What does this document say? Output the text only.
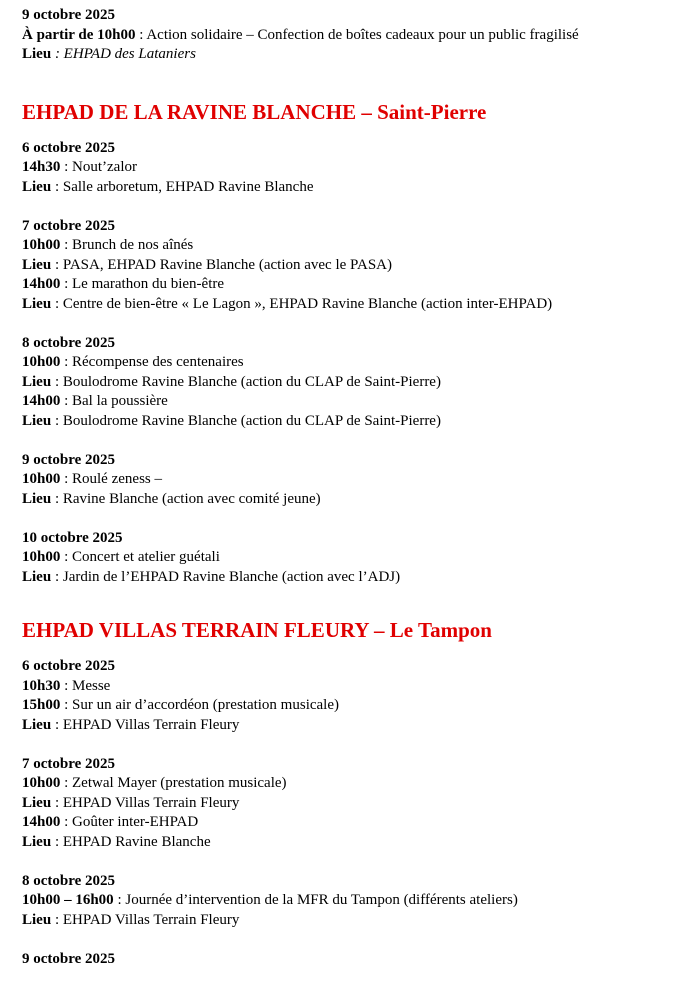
9 octobre 2025
À partir de 10h00 : Action solidaire – Confection de boîtes cadeaux pour un public fragilisé
Lieu : EHPAD des Lataniers
EHPAD DE LA RAVINE BLANCHE – Saint-Pierre
6 octobre 2025
14h30 : Nout’zalor
Lieu : Salle arboretum, EHPAD Ravine Blanche
7 octobre 2025
10h00 : Brunch de nos aînés
Lieu : PASA, EHPAD Ravine Blanche (action avec le PASA)
14h00 : Le marathon du bien-être
Lieu : Centre de bien-être « Le Lagon », EHPAD Ravine Blanche (action inter-EHPAD)
8 octobre 2025
10h00 : Récompense des centenaires
Lieu : Boulodrome Ravine Blanche (action du CLAP de Saint-Pierre)
14h00 : Bal la poussière
Lieu : Boulodrome Ravine Blanche (action du CLAP de Saint-Pierre)
9 octobre 2025
10h00 : Roulé zeness –
Lieu : Ravine Blanche (action avec comité jeune)
10 octobre 2025
10h00 : Concert et atelier guétali
Lieu : Jardin de l’EHPAD Ravine Blanche (action avec l’ADJ)
EHPAD VILLAS TERRAIN FLEURY – Le Tampon
6 octobre 2025
10h30 : Messe
15h00 : Sur un air d’accordéon (prestation musicale)
Lieu : EHPAD Villas Terrain Fleury
7 octobre 2025
10h00 : Zetwal Mayer (prestation musicale)
Lieu : EHPAD Villas Terrain Fleury
14h00 : Goûter inter-EHPAD
Lieu : EHPAD Ravine Blanche
8 octobre 2025
10h00 – 16h00 : Journée d’intervention de la MFR du Tampon (différents ateliers)
Lieu : EHPAD Villas Terrain Fleury
9 octobre 2025
